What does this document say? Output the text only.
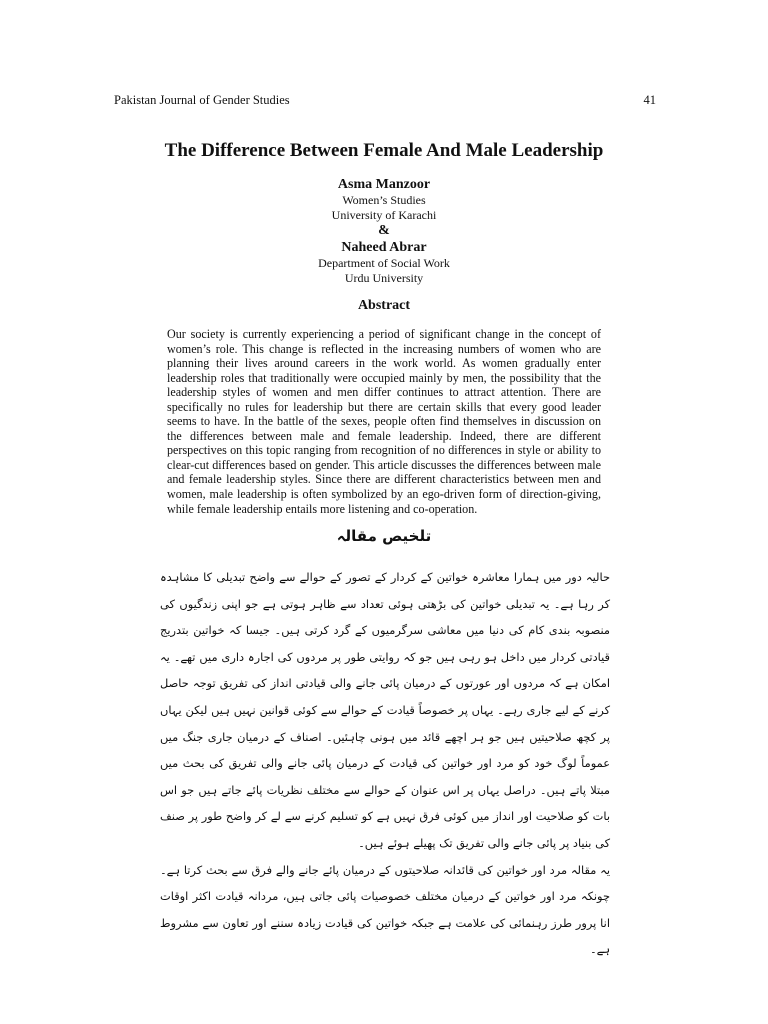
Pakistan Journal of Gender Studies	41
The Difference Between Female And Male Leadership
Asma Manzoor
Women’s Studies
University of Karachi
&
Naheed Abrar
Department of Social Work
Urdu University
Abstract
Our society is currently experiencing a period of significant change in the concept of women’s role. This change is reflected in the increasing numbers of women who are planning their lives around careers in the work world. As women gradually enter leadership roles that traditionally were occupied mainly by men, the possibility that the leadership styles of women and men differ continues to attract attention. There are specifically no rules for leadership but there are certain skills that every good leader seems to have. In the battle of the sexes, people often find themselves in discussion on the differences between male and female leadership. Indeed, there are different perspectives on this topic ranging from recognition of no differences in style or ability to clear-cut differences based on gender. This article discusses the differences between male and female leadership styles. Since there are different characteristics between men and women, male leadership is often symbolized by an ego-driven form of direction-giving, while female leadership entails more listening and co-operation.
تلخیص مقالہ

حالیہ دور میں ہمارا معاشرہ خواتین کے کردار کے تصور کے حوالے سے واضح تبدیلی کا مشاہدہ کر رہا ہے۔ یہ تبدیلی خواتین کی بڑھتی ہوئی تعداد سے ظاہر ہوتی ہے جو اپنی زندگیوں کی منصوبہ بندی کام کی دنیا میں معاشی سرگرمیوں کے گرد کرتی ہیں۔ جیسا کہ خواتین بتدریج قیادتی کردار میں داخل ہو رہی ہیں جو کہ روایتی طور پر مردوں کی اجارہ داری میں تھے۔ یہ امکان ہے کہ مردوں اور عورتوں کے درمیان پائی جانے والی قیادتی انداز کی تفریق توجہ حاصل کرنے کے لیے جاری رہے۔ یہاں پر خصوصاً قیادت کے حوالے سے کوئی قوانین نہیں ہیں لیکن یہاں پر کچھ صلاحیتیں ہیں جو ہر اچھے قائد میں ہونی چاہئیں۔ اصناف کے درمیان جاری جنگ میں عموماً لوگ خود کو مرد اور خواتین کی قیادت کے درمیان پائی جانے والی تفریق کی بحث میں مبتلا پاتے ہیں۔ دراصل یہاں پر اس عنوان کے حوالے سے مختلف نظریات پائے جاتے ہیں جو اس بات کو صلاحیت اور انداز میں کوئی فرق نہیں ہے کو تسلیم کرنے سے لے کر واضح طور پر صنف کی بنیاد پر پائی جانے والی تفریق تک پھیلے ہوئے ہیں۔

یہ مقالہ مرد اور خواتین کی قائدانہ صلاحیتوں کے درمیان پائے جانے والے فرق سے بحث کرتا ہے۔ چونکہ مرد اور خواتین کے درمیان مختلف خصوصیات پائی جاتی ہیں، مردانہ قیادت اکثر اوقات انا پرور طرز رہنمائی کی علامت ہے جبکہ خواتین کی قیادت زیادہ سننے اور تعاون سے مشروط ہے۔
